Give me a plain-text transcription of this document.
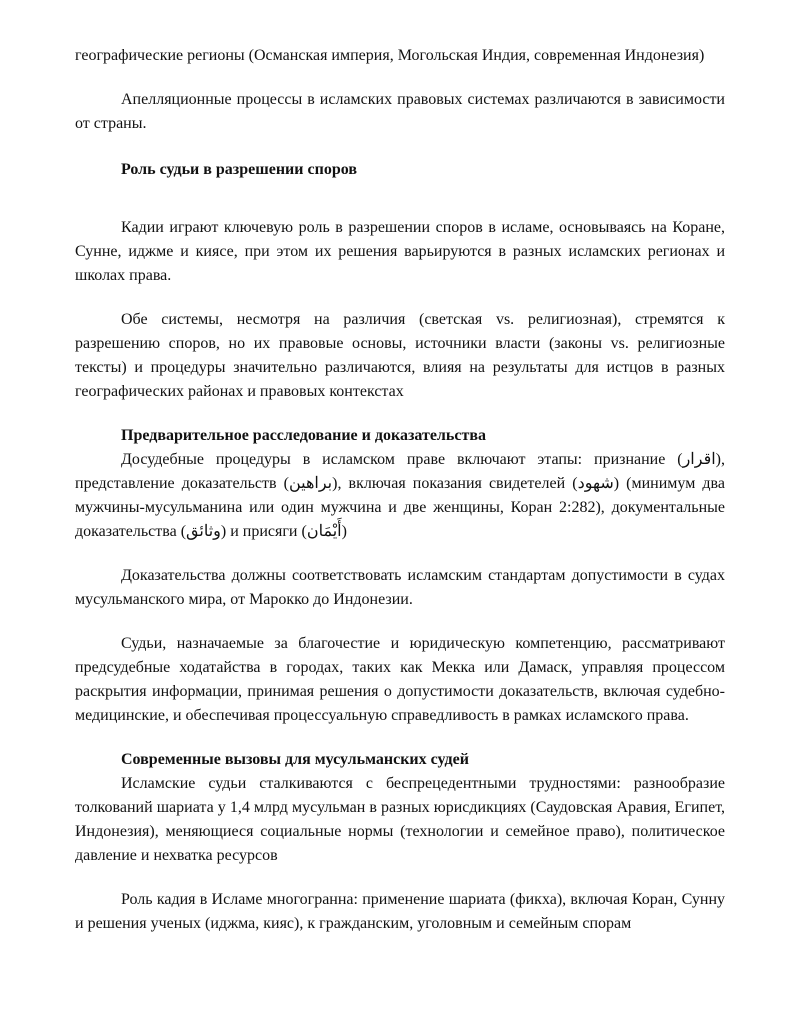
географические регионы (Османская империя, Могольская Индия, современная Индонезия)

Апелляционные процессы в исламских правовых системах различаются в зависимости от страны.

Роль судьи в разрешении споров

Кадии играют ключевую роль в разрешении споров в исламе, основываясь на Коране, Сунне, иджме и киясе, при этом их решения варьируются в разных исламских регионах и школах права.

Обе системы, несмотря на различия (светская vs. религиозная), стремятся к разрешению споров, но их правовые основы, источники власти (законы vs. религиозные тексты) и процедуры значительно различаются, влияя на результаты для истцов в разных географических районах и правовых контекстах

Предварительное расследование и доказательства

Досудебные процедуры в исламском праве включают этапы: признание (اقرار), представление доказательств (براهين), включая показания свидетелей (شهود) (минимум два мужчины-мусульманина или один мужчина и две женщины, Коран 2:282), документальные доказательства (وثائق) и присяги (أَيْمَان)

Доказательства должны соответствовать исламским стандартам допустимости в судах мусульманского мира, от Марокко до Индонезии.

Судьи, назначаемые за благочестие и юридическую компетенцию, рассматривают предсудебные ходатайства в городах, таких как Мекка или Дамаск, управляя процессом раскрытия информации, принимая решения о допустимости доказательств, включая судебно-медицинские, и обеспечивая процессуальную справедливость в рамках исламского права.

Современные вызовы для мусульманских судей

Исламские судьи сталкиваются с беспрецедентными трудностями: разнообразие толкований шариата у 1,4 млрд мусульман в разных юрисдикциях (Саудовская Аравия, Египет, Индонезия), меняющиеся социальные нормы (технологии и семейное право), политическое давление и нехватка ресурсов

Роль кадия в Исламе многогранна: применение шариата (фикха), включая Коран, Сунну и решения ученых (иджма, кияс), к гражданским, уголовным и семейным спорам
